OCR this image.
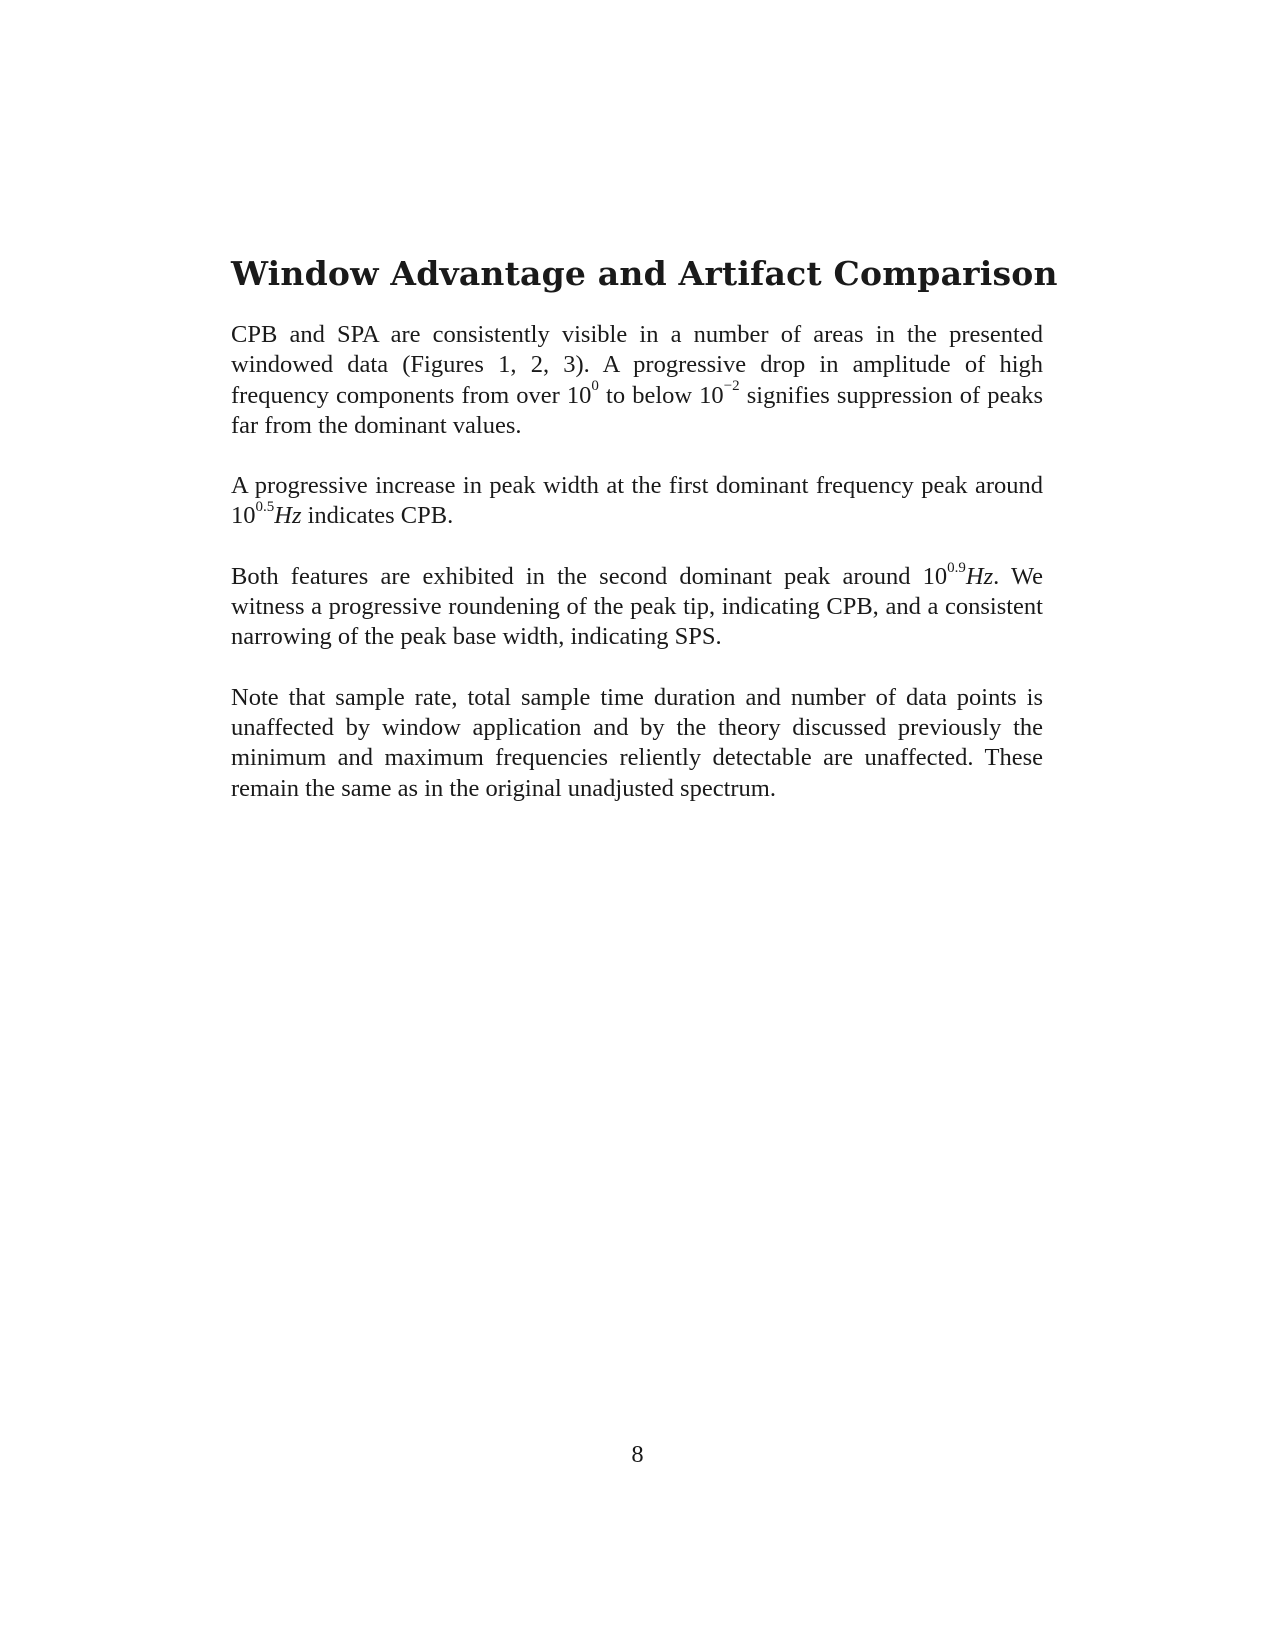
Window Advantage and Artifact Comparison

CPB and SPA are consistently visible in a number of areas in the presented windowed data (Figures 1, 2, 3). A progressive drop in amplitude of high frequency components from over $10^0$ to below $10^{-2}$ signifies suppression of peaks far from the dominant values.

A progressive increase in peak width at the first dominant frequency peak around $10^{0.5}Hz$ indicates CPB.

Both features are exhibited in the second dominant peak around $10^{0.9}Hz$. We witness a progressive roundening of the peak tip, indicating CPB, and a consistent narrowing of the peak base width, indicating SPS.

Note that sample rate, total sample time duration and number of data points is unaffected by window application and by the theory discussed previously the minimum and maximum frequencies reliently detectable are unaffected. These remain the same as in the original unadjusted spectrum.

8
